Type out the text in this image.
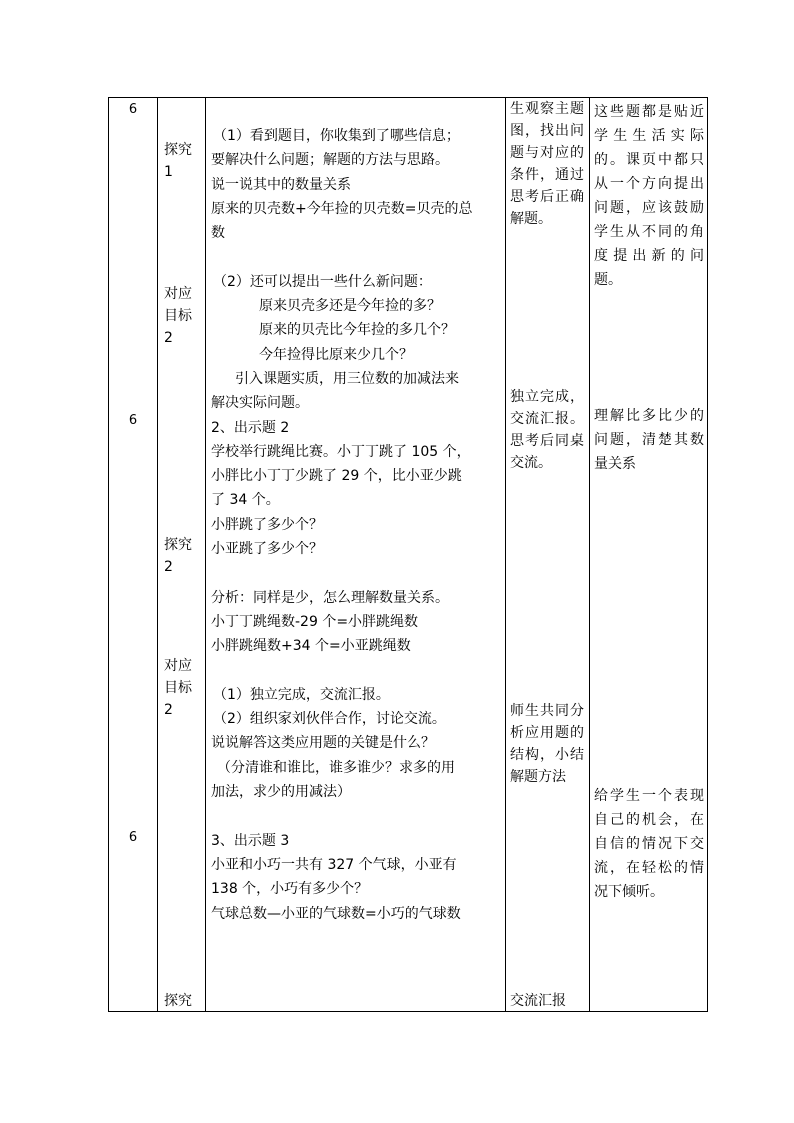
6
6
6
探究
1
对应
目标
2
探究
2
对应
目标
2
探究

（1）看到题目，你收集到了哪些信息；

要解决什么问题；解题的方法与思路。

说一说其中的数量关系

原来的贝壳数+今年捡的贝壳数=贝壳的总

数

（2）还可以提出一些什么新问题：

原来贝壳多还是今年捡的多？

原来的贝壳比今年捡的多几个？

今年捡得比原来少几个？

引入课题实质，用三位数的加减法来

解决实际问题。

2、出示题 2

学校举行跳绳比赛。小丁丁跳了 105 个，

小胖比小丁丁少跳了 29 个，比小亚少跳

了 34 个。

小胖跳了多少个？

小亚跳了多少个？

分析：同样是少，怎么理解数量关系。

小丁丁跳绳数-29 个=小胖跳绳数

小胖跳绳数+34 个=小亚跳绳数

（1）独立完成，交流汇报。

（2）组织家刘伙伴合作，讨论交流。

说说解答这类应用题的关键是什么？

（分清谁和谁比，谁多谁少？求多的用

加法，求少的用减法）

3、出示题 3

小亚和小巧一共有 327 个气球，小亚有

138 个，小巧有多少个？

气球总数—小亚的气球数=小巧的气球数

生观察主题图，找出问题与对应的条件，通过思考后正确解题。
独立完成，交流汇报。思考后同桌交流。
师生共同分析应用题的结构，小结解题方法
交流汇报
这些题都是贴近学生生活实际的。课页中都只从一个方向提出问题，应该鼓励学生从不同的角度提出新的问题。
理解比多比少的问题，清楚其数量关系
给学生一个表现自己的机会，在自信的情况下交流，在轻松的情况下倾听。
